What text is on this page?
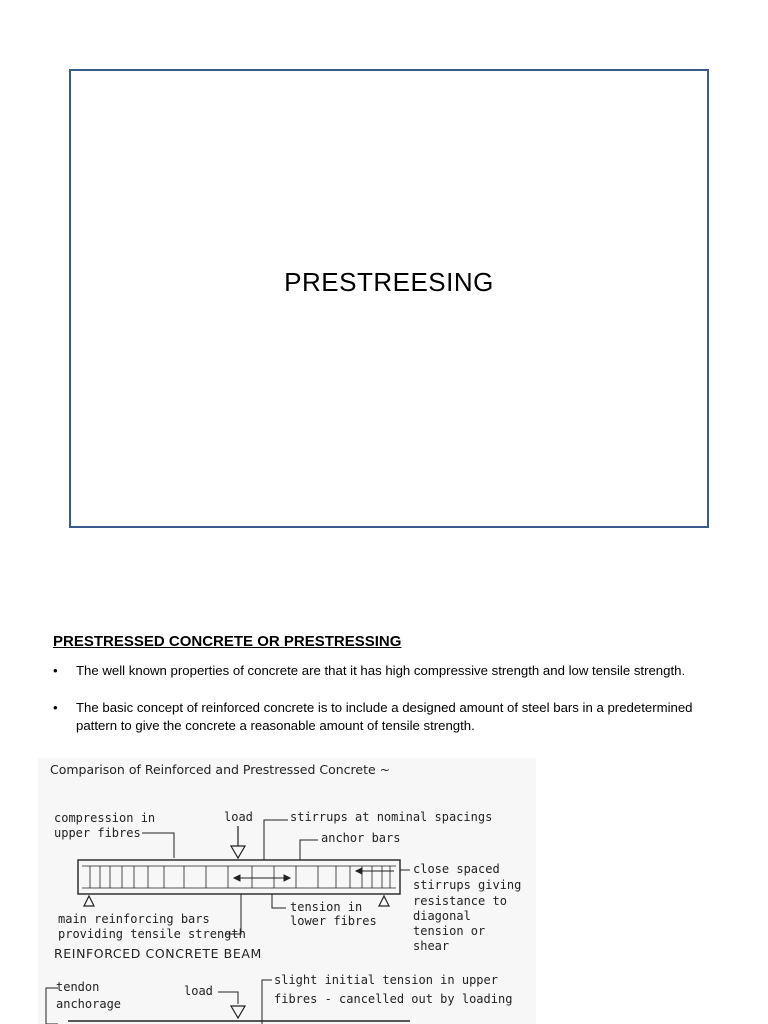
PRESTREESING
PRESTRESSED CONCRETE OR PRESTRESSING
• The well known properties of concrete are that it has high compressive strength and low tensile strength.
• The basic concept of reinforced concrete is to include a designed amount of steel bars in a predetermined pattern to give the concrete a reasonable amount of tensile strength.
Comparison of Reinforced and Prestressed Concrete ~
compression in
upper fibres
load	stirrups at nominal spacings
anchor bars
close spaced
stirrups giving
resistance to
diagonal
tension or
shear
main reinforcing bars
providing tensile strength
tension in
lower fibres
REINFORCED CONCRETE BEAM
tendon
anchorage
load
slight initial tension in upper
fibres - cancelled out by loading
